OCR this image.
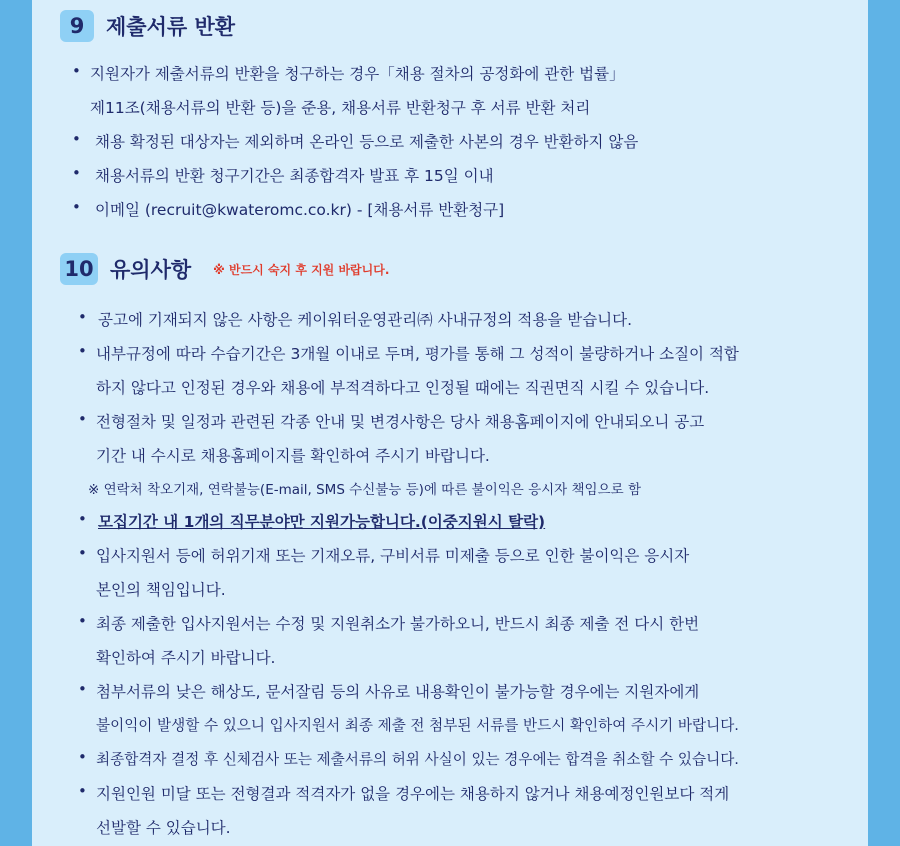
9	제출서류 반환
• 지원자가 제출서류의 반환을 청구하는 경우「채용 절차의 공정화에 관한 법률」
제11조(채용서류의 반환 등)을 준용, 채용서류 반환청구 후 서류 반환 처리
• 채용 확정된 대상자는 제외하며 온라인 등으로 제출한 사본의 경우 반환하지 않음
• 채용서류의 반환 청구기간은 최종합격자 발표 후 15일 이내
• 이메일 (recruit@kwateromc.co.kr) - [채용서류 반환청구]
10 유의사항 ※ 반드시 숙지 후 지원 바랍니다.
• 공고에 기재되지 않은 사항은 케이워터운영관리㈜ 사내규정의 적용을 받습니다.
• 내부규정에 따라 수습기간은 3개월 이내로 두며, 평가를 통해 그 성적이 불량하거나 소질이 적합
하지 않다고 인정된 경우와 채용에 부적격하다고 인정될 때에는 직권면직 시킬 수 있습니다.
• 전형절차 및 일정과 관련된 각종 안내 및 변경사항은 당사 채용홈페이지에 안내되오니 공고
기간 내 수시로 채용홈페이지를 확인하여 주시기 바랍니다.
※ 연락처 착오기재, 연락불능(E-mail, SMS 수신불능 등)에 따른 불이익은 응시자 책임으로 함
• 모집기간 내 1개의 직무분야만 지원가능합니다.(이중지원시 탈락)
• 입사지원서 등에 허위기재 또는 기재오류, 구비서류 미제출 등으로 인한 불이익은 응시자
본인의 책임입니다.
• 최종 제출한 입사지원서는 수정 및 지원취소가 불가하오니, 반드시 최종 제출 전 다시 한번
확인하여 주시기 바랍니다.
• 첨부서류의 낮은 해상도, 문서잘림 등의 사유로 내용확인이 불가능할 경우에는 지원자에게
불이익이 발생할 수 있으니 입사지원서 최종 제출 전 첨부된 서류를 반드시 확인하여 주시기 바랍니다.
• 최종합격자 결정 후 신체검사 또는 제출서류의 허위 사실이 있는 경우에는 합격을 취소할 수 있습니다.
• 지원인원 미달 또는 전형결과 적격자가 없을 경우에는 채용하지 않거나 채용예정인원보다 적게
선발할 수 있습니다.
